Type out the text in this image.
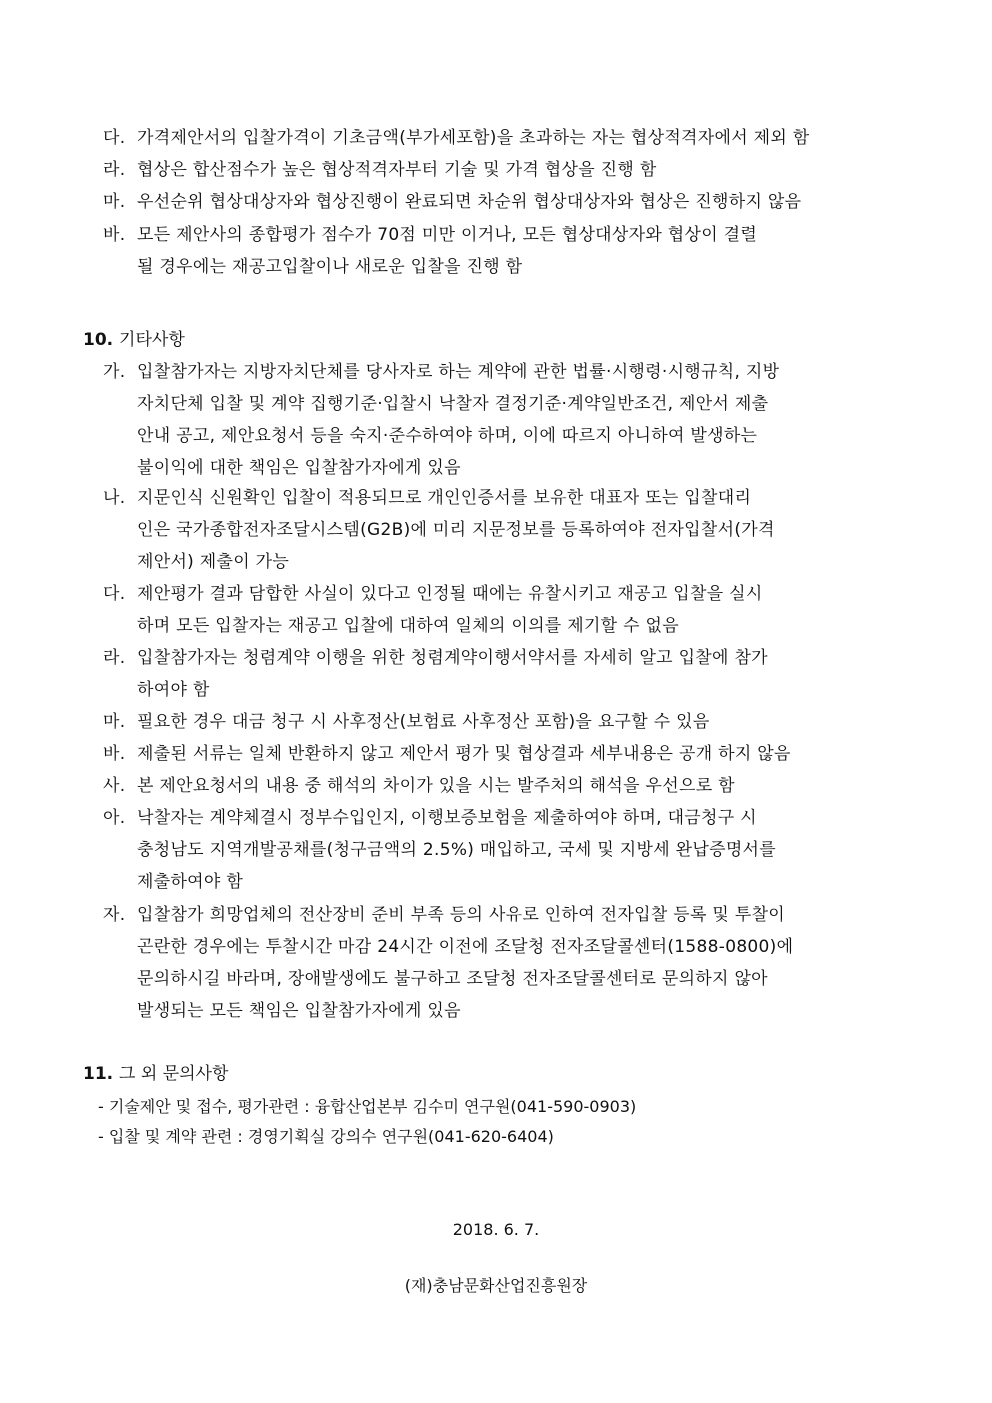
다. 가격제안서의 입찰가격이 기초금액(부가세포함)을 초과하는 자는 협상적격자에서 제외 함
라. 협상은 합산점수가 높은 협상적격자부터 기술 및 가격 협상을 진행 함
마. 우선순위 협상대상자와 협상진행이 완료되면 차순위 협상대상자와 협상은 진행하지 않음
바. 모든 제안사의 종합평가 점수가 70점 미만 이거나, 모든 협상대상자와 협상이 결렬
될 경우에는 재공고입찰이나 새로운 입찰을 진행 함
10. 기타사항
가. 입찰참가자는 지방자치단체를 당사자로 하는 계약에 관한 법률·시행령·시행규칙, 지방
자치단체 입찰 및 계약 집행기준·입찰시 낙찰자 결정기준·계약일반조건, 제안서 제출
안내 공고, 제안요청서 등을 숙지·준수하여야 하며, 이에 따르지 아니하여 발생하는
불이익에 대한 책임은 입찰참가자에게 있음
나. 지문인식 신원확인 입찰이 적용되므로 개인인증서를 보유한 대표자 또는 입찰대리
인은 국가종합전자조달시스템(G2B)에 미리 지문정보를 등록하여야 전자입찰서(가격
제안서) 제출이 가능
다. 제안평가 결과 담합한 사실이 있다고 인정될 때에는 유찰시키고 재공고 입찰을 실시
하며 모든 입찰자는 재공고 입찰에 대하여 일체의 이의를 제기할 수 없음
라. 입찰참가자는 청렴계약 이행을 위한 청렴계약이행서약서를 자세히 알고 입찰에 참가
하여야 함
마. 필요한 경우 대금 청구 시 사후정산(보험료 사후정산 포함)을 요구할 수 있음
바. 제출된 서류는 일체 반환하지 않고 제안서 평가 및 협상결과 세부내용은 공개 하지 않음
사. 본 제안요청서의 내용 중 해석의 차이가 있을 시는 발주처의 해석을 우선으로 함
아. 낙찰자는 계약체결시 정부수입인지, 이행보증보험을 제출하여야 하며, 대금청구 시
충청남도 지역개발공채를(청구금액의 2.5%) 매입하고, 국세 및 지방세 완납증명서를
제출하여야 함
자. 입찰참가 희망업체의 전산장비 준비 부족 등의 사유로 인하여 전자입찰 등록 및 투찰이
곤란한 경우에는 투찰시간 마감 24시간 이전에 조달청 전자조달콜센터(1588-0800)에
문의하시길 바라며, 장애발생에도 불구하고 조달청 전자조달콜센터로 문의하지 않아
발생되는 모든 책임은 입찰참가자에게 있음
11. 그 외 문의사항
- 기술제안 및 접수, 평가관련 : 융합산업본부 김수미 연구원(041-590-0903)
- 입찰 및 계약 관련 : 경영기획실 강의수 연구원(041-620-6404)
2018. 6. 7.
(재)충남문화산업진흥원장
